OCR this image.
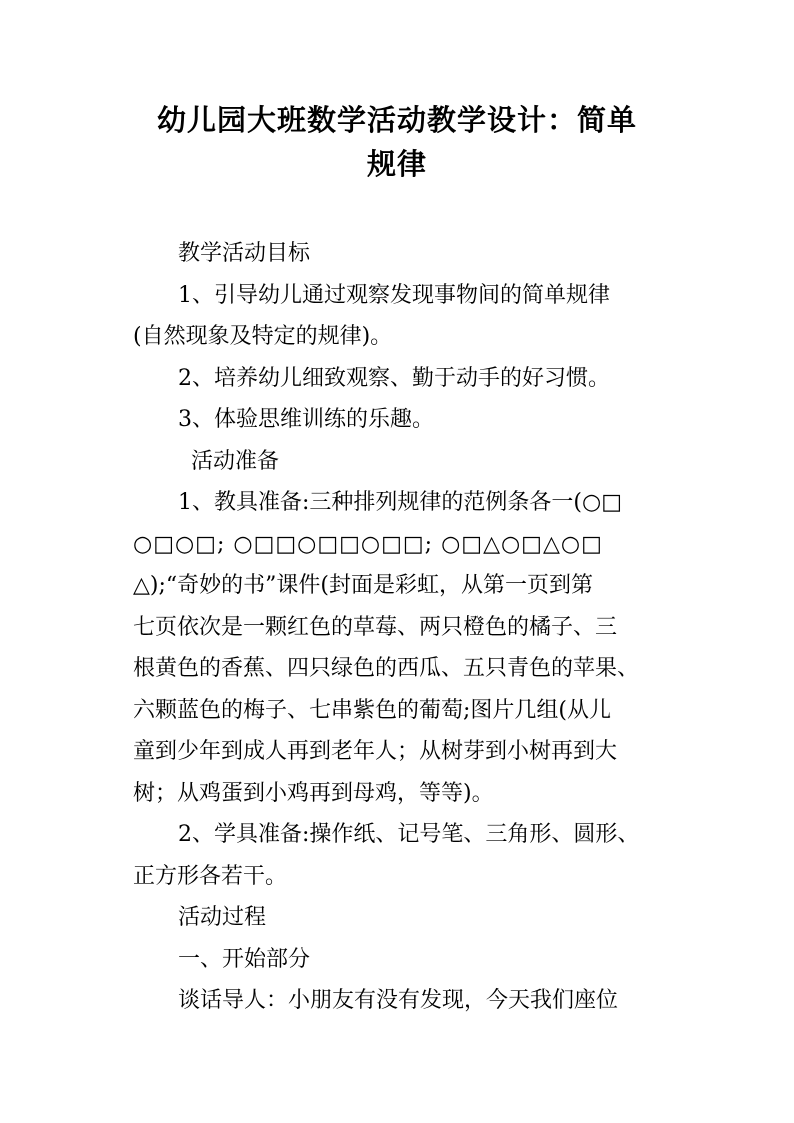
幼儿园大班数学活动教学设计：简单
规律
教学活动目标
1、引导幼儿通过观察发现事物间的简单规律
(自然现象及特定的规律)。
2、培养幼儿细致观察、勤于动手的好习惯。
3、体验思维训练的乐趣。
活动准备
1、教具准备:三种排列规律的范例条各一(○□
○□○□; ○□□○□□○□□; ○□△○□△○□
△);“奇妙的书”课件(封面是彩虹，从第一页到第
七页依次是一颗红色的草莓、两只橙色的橘子、三
根黄色的香蕉、四只绿色的西瓜、五只青色的苹果、
六颗蓝色的梅子、七串紫色的葡萄;图片几组(从儿
童到少年到成人再到老年人；从树芽到小树再到大
树；从鸡蛋到小鸡再到母鸡，等等)。
2、学具准备:操作纸、记号笔、三角形、圆形、
正方形各若干。
活动过程
一、开始部分
谈话导人：小朋友有没有发现，今天我们座位
